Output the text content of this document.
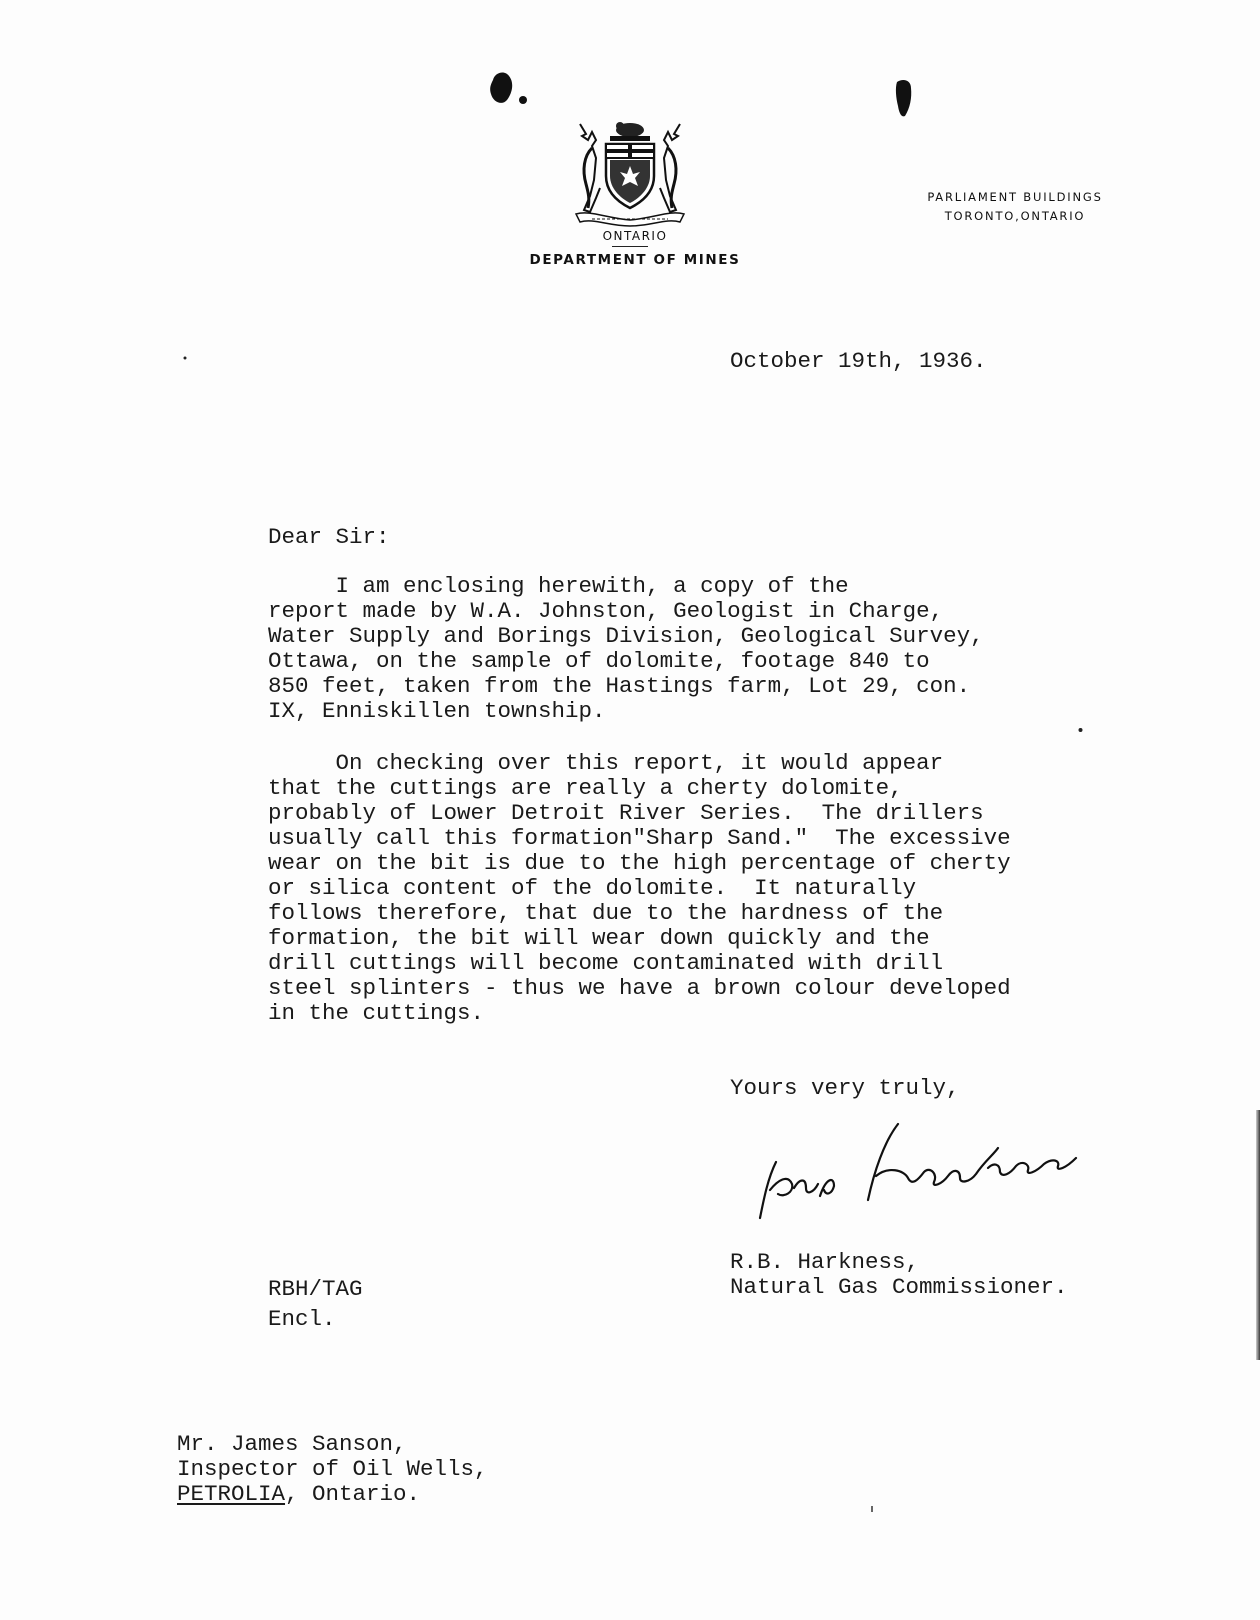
ONTARIO
DEPARTMENT OF MINES
PARLIAMENT BUILDINGS
TORONTO,ONTARIO
October 19th, 1936.
Dear Sir:
I am enclosing herewith, a copy of the
report made by W.A. Johnston, Geologist in Charge,
Water Supply and Borings Division, Geological Survey,
Ottawa, on the sample of dolomite, footage 840 to
850 feet, taken from the Hastings farm, Lot 29, con.
IX, Enniskillen township.
On checking over this report, it would appear
that the cuttings are really a cherty dolomite,
probably of Lower Detroit River Series.  The drillers
usually call this formation"Sharp Sand."  The excessive
wear on the bit is due to the high percentage of cherty
or silica content of the dolomite.  It naturally
follows therefore, that due to the hardness of the
formation, the bit will wear down quickly and the
drill cuttings will become contaminated with drill
steel splinters - thus we have a brown colour developed
in the cuttings.
Yours very truly,
R.B. Harkness,
Natural Gas Commissioner.
RBH/TAG
Encl.
Mr. James Sanson,
Inspector of Oil Wells,
PETROLIA, Ontario.
